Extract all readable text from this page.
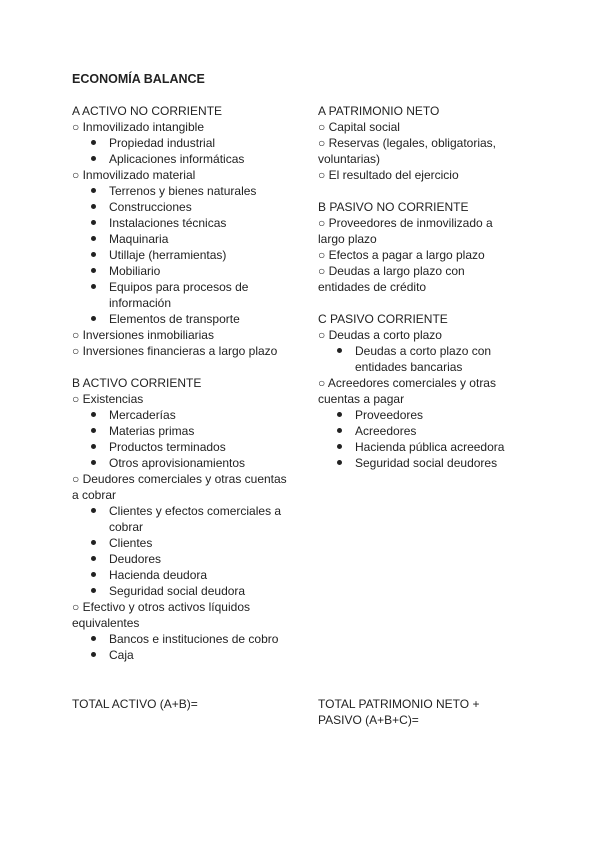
ECONOMÍA BALANCE
A ACTIVO NO CORRIENTE
○ Inmovilizado intangible
Propiedad industrial
Aplicaciones informáticas
○ Inmovilizado material
Terrenos y bienes naturales
Construcciones
Instalaciones técnicas
Maquinaria
Utillaje (herramientas)
Mobiliario
Equipos para procesos de información
Elementos de transporte
○ Inversiones inmobiliarias
○ Inversiones financieras a largo plazo
B ACTIVO CORRIENTE
○ Existencias
Mercaderías
Materias primas
Productos terminados
Otros aprovisionamientos
○ Deudores comerciales y otras cuentas a cobrar
Clientes y efectos comerciales a cobrar
Clientes
Deudores
Hacienda deudora
Seguridad social deudora
○ Efectivo y otros activos líquidos equivalentes
Bancos e instituciones de cobro
Caja
A PATRIMONIO NETO
○ Capital social
○ Reservas (legales, obligatorias, voluntarias)
○ El resultado del ejercicio
B PASIVO NO CORRIENTE
○ Proveedores de inmovilizado a largo plazo
○ Efectos a pagar a largo plazo
○ Deudas a largo plazo con entidades de crédito
C PASIVO CORRIENTE
○ Deudas a corto plazo
Deudas a corto plazo con entidades bancarias
○ Acreedores comerciales y otras cuentas a pagar
Proveedores
Acreedores
Hacienda pública acreedora
Seguridad social deudores
TOTAL ACTIVO (A+B)=	TOTAL PATRIMONIO NETO + PASIVO (A+B+C)=
